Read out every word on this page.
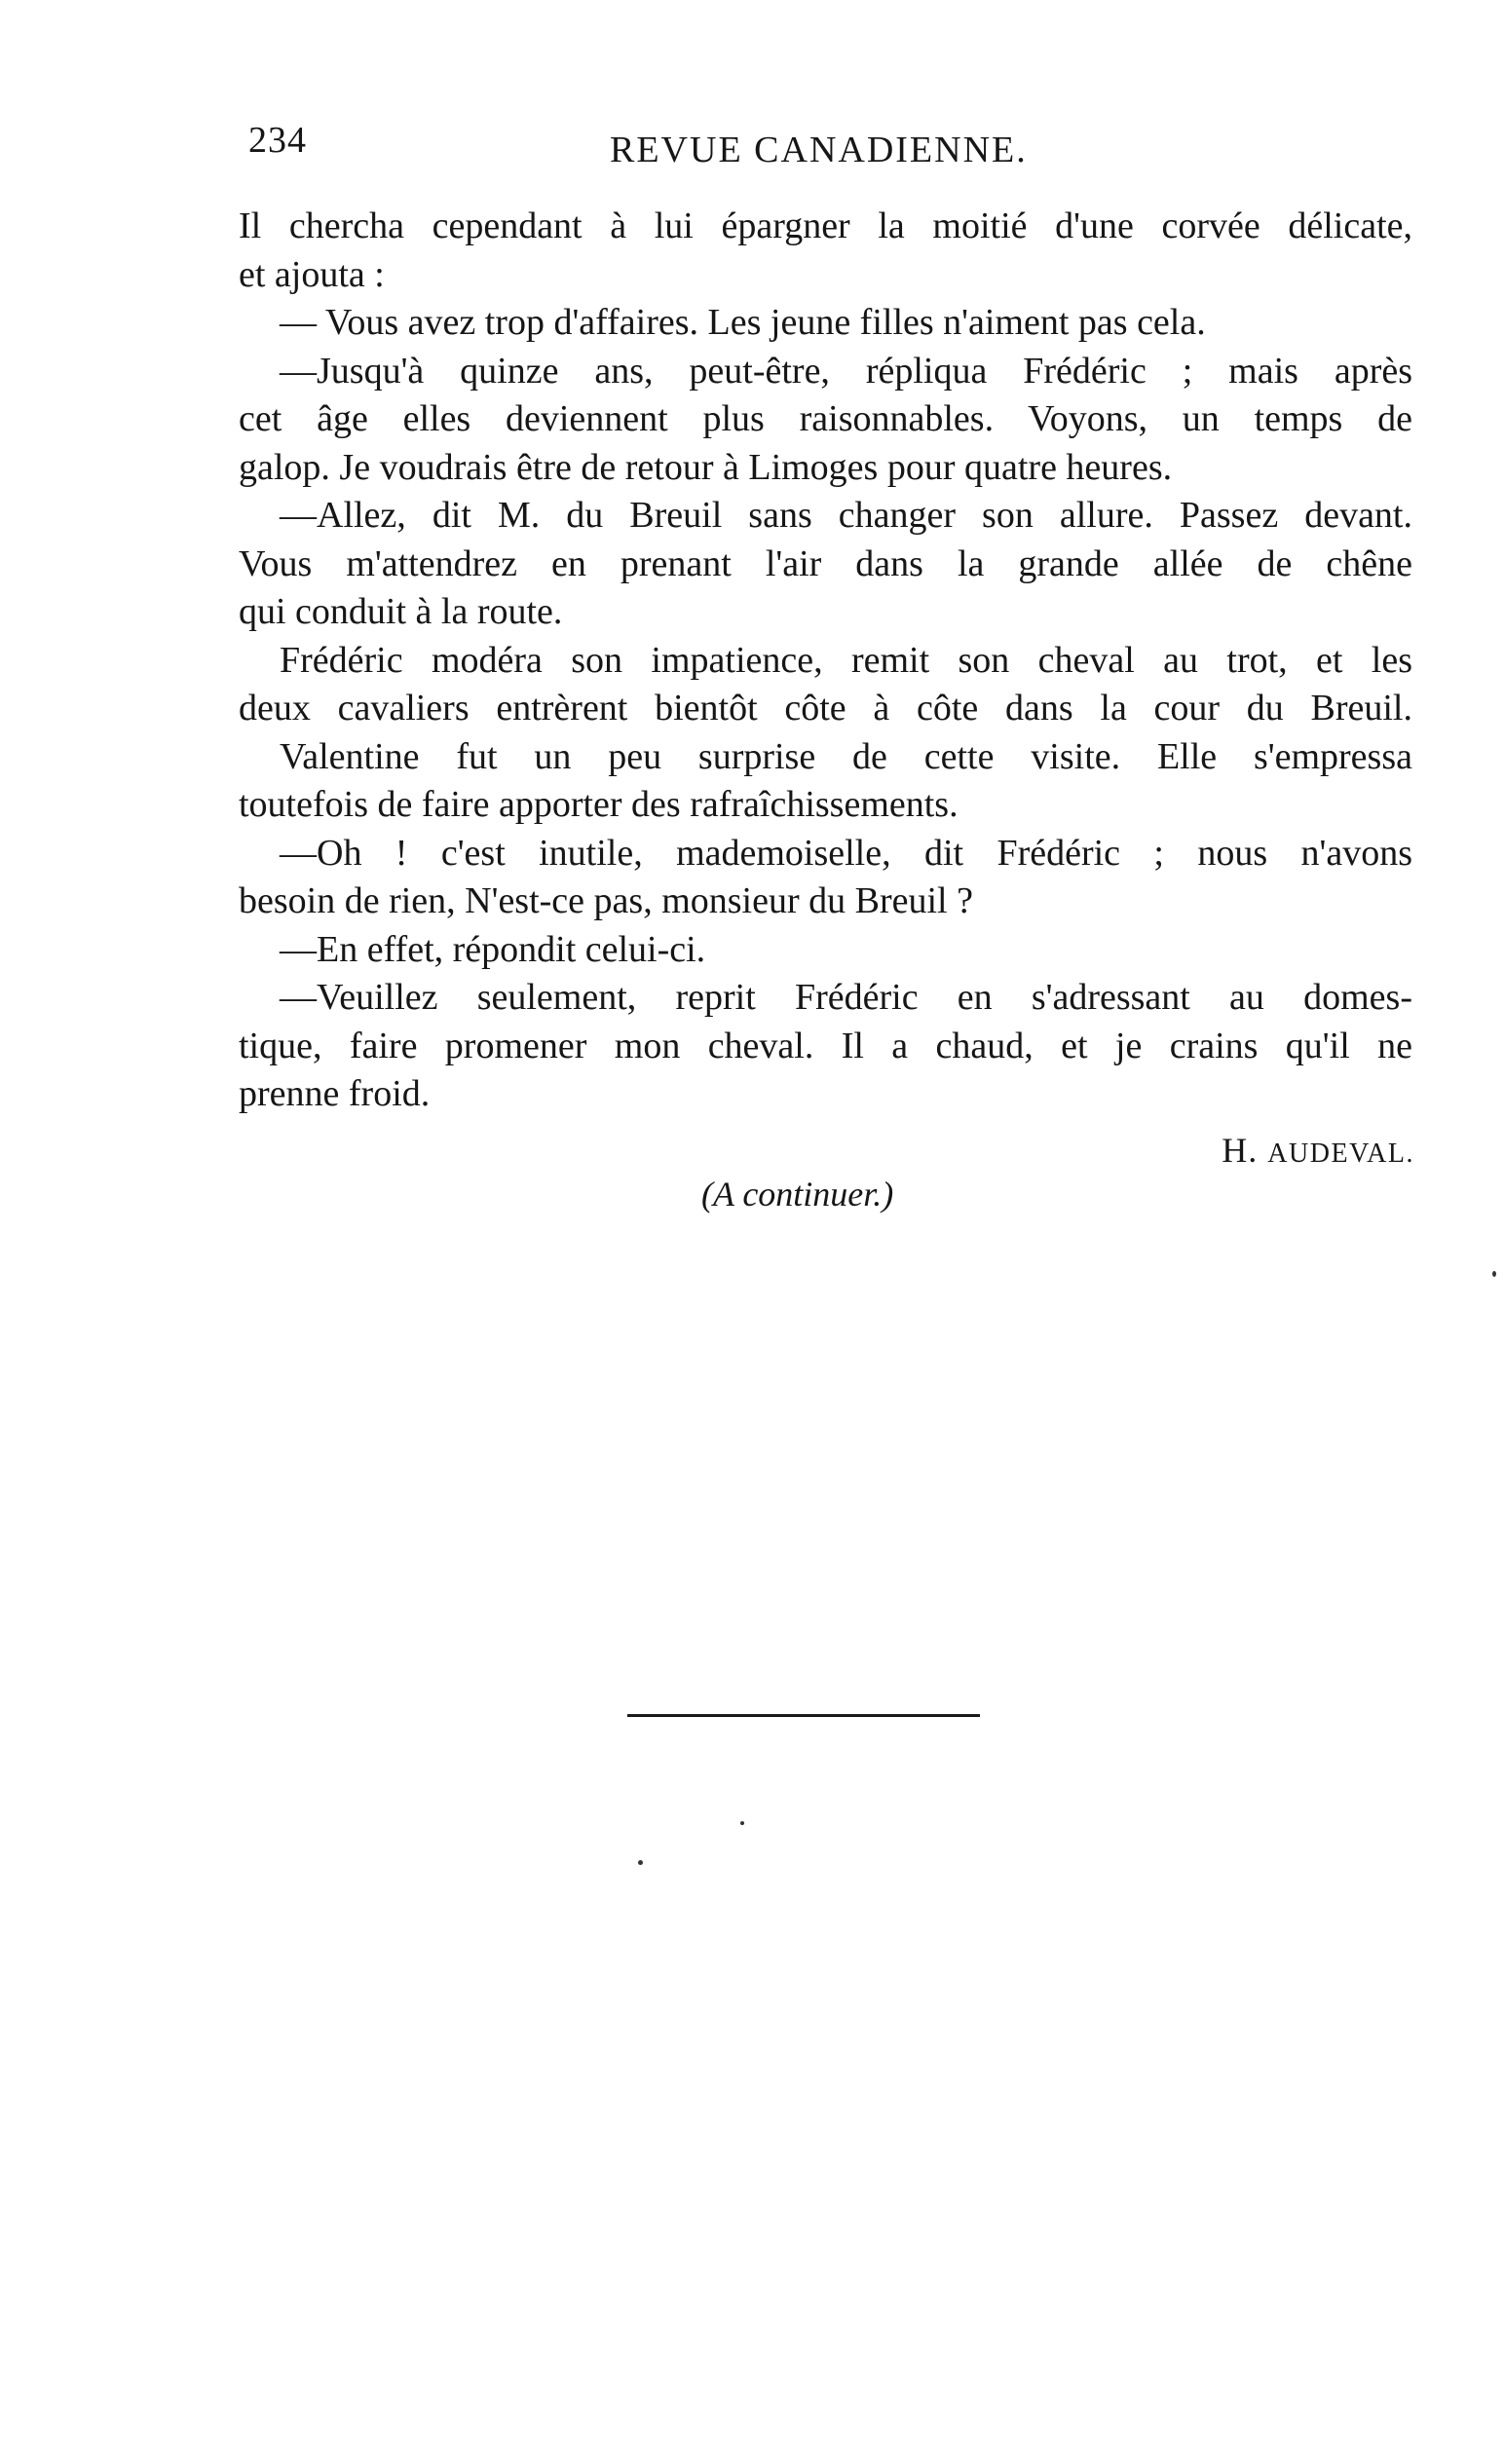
234	REVUE CANADIENNE.
Il chercha cependant à lui épargner la moitié d'une corvée délicate,
et ajouta :
— Vous avez trop d'affaires. Les jeune filles n'aiment pas cela.
—Jusqu'à quinze ans, peut-être, répliqua Frédéric ; mais après
cet âge elles deviennent plus raisonnables. Voyons, un temps de
galop. Je voudrais être de retour à Limoges pour quatre heures.
—Allez, dit M. du Breuil sans changer son allure. Passez devant.
Vous m'attendrez en prenant l'air dans la grande allée de chêne
qui conduit à la route.
Frédéric modéra son impatience, remit son cheval au trot, et les
deux cavaliers entrèrent bientôt côte à côte dans la cour du Breuil.
Valentine fut un peu surprise de cette visite. Elle s'empressa
toutefois de faire apporter des rafraîchissements.
—Oh ! c'est inutile, mademoiselle, dit Frédéric ; nous n'avons
besoin de rien, N'est-ce pas, monsieur du Breuil ?
—En effet, répondit celui-ci.
—Veuillez seulement, reprit Frédéric en s'adressant au domes-
tique, faire promener mon cheval. Il a chaud, et je crains qu'il ne
prenne froid.
H. AUDEVAL.
(A continuer.)
